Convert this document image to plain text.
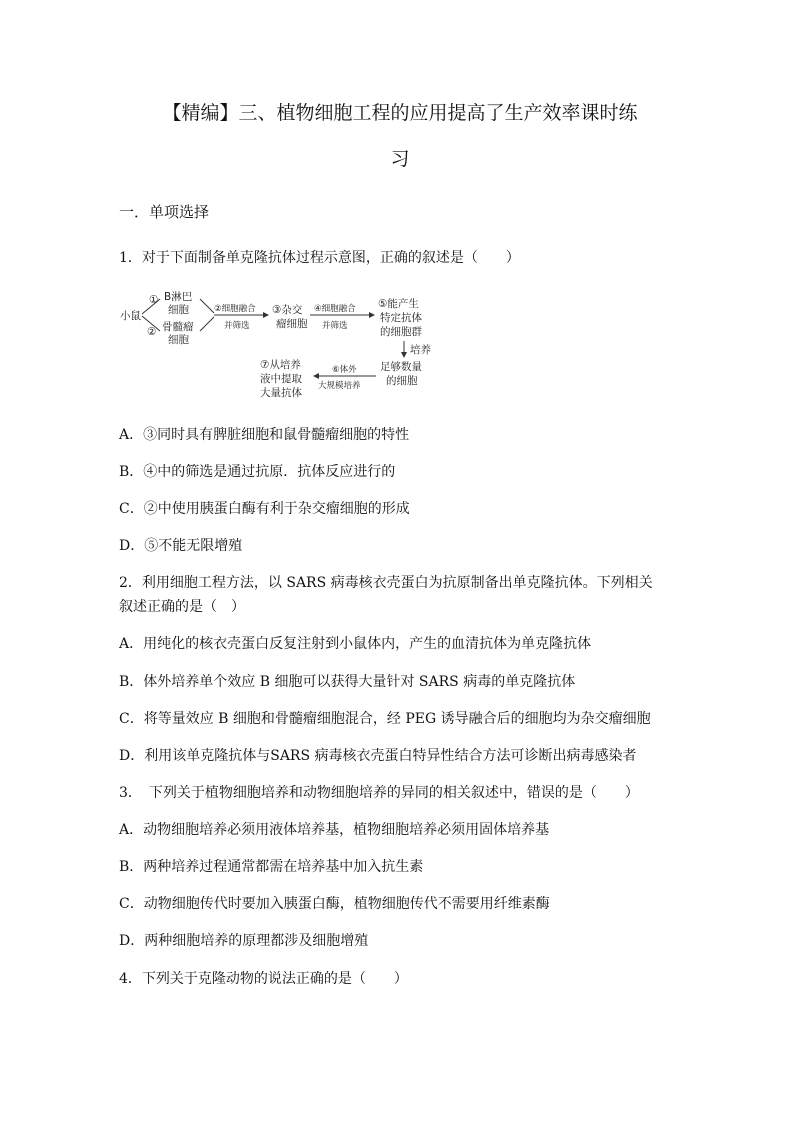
【精编】三、植物细胞工程的应用提高了生产效率课时练
习
一．单项选择
1．对于下面制备单克隆抗体过程示意图，正确的叙述是（　　）
小鼠
①
②
B淋巴
细胞
骨髓瘤
细胞
②细胞融合
并筛选
③杂交
瘤细胞
④细胞融合
并筛选
⑤能产生
特定抗体
的细胞群
培养
足够数量
的细胞
⑥体外
大规模培养
⑦从培养
液中提取
大量抗体
A．③同时具有脾脏细胞和鼠骨髓瘤细胞的特性
B．④中的筛选是通过抗原．抗体反应进行的
C．②中使用胰蛋白酶有利于杂交瘤细胞的形成
D．⑤不能无限增殖
2．利用细胞工程方法，以 SARS 病毒核衣壳蛋白为抗原制备出单克隆抗体。下列相关
叙述正确的是（　）
A．用纯化的核衣壳蛋白反复注射到小鼠体内，产生的血清抗体为单克隆抗体
B．体外培养单个效应 B 细胞可以获得大量针对 SARS 病毒的单克隆抗体
C．将等量效应 B 细胞和骨髓瘤细胞混合，经 PEG 诱导融合后的细胞均为杂交瘤细胞
D．利用该单克隆抗体与SARS 病毒核衣壳蛋白特异性结合方法可诊断出病毒感染者
3．　下列关于植物细胞培养和动物细胞培养的异同的相关叙述中，错误的是（　　）
A．动物细胞培养必须用液体培养基，植物细胞培养必须用固体培养基
B．两种培养过程通常都需在培养基中加入抗生素
C．动物细胞传代时要加入胰蛋白酶，植物细胞传代不需要用纤维素酶
D．两种细胞培养的原理都涉及细胞增殖
4．下列关于克隆动物的说法正确的是（　　）
